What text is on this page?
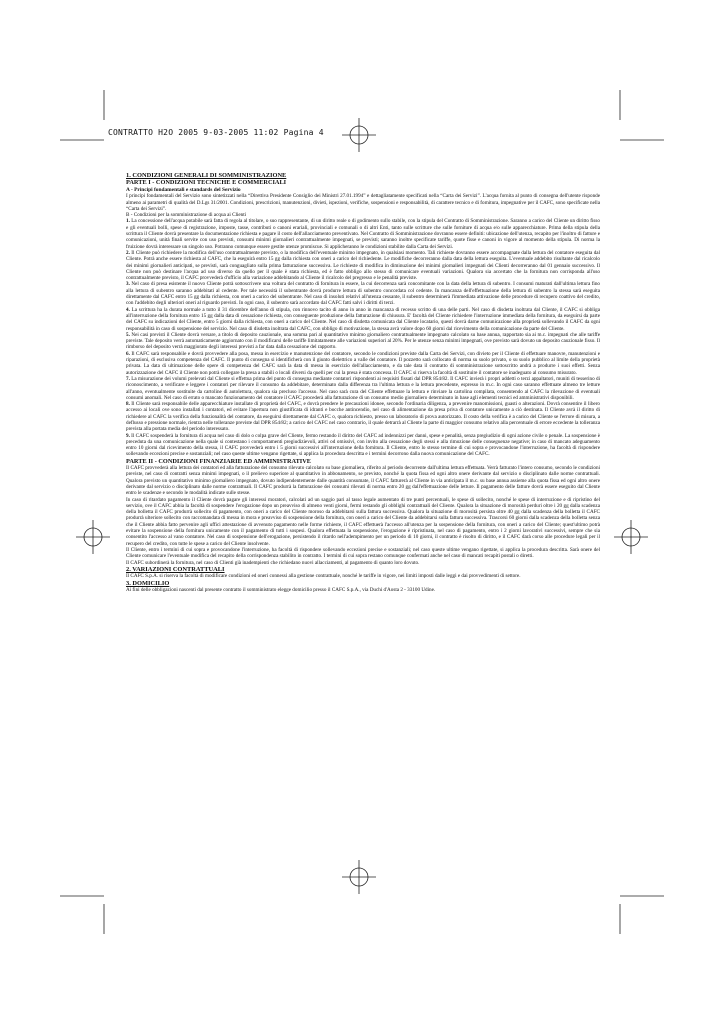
CONTRATTO H2O 2005 9-03-2005 11:02 Pagina 4

1. CONDIZIONI GENERALI DI SOMMINISTRAZIONE

PARTE I - CONDIZIONI TECNICHE E COMMERCIALI

A - Principi fondamentali e standards del Servizio

I principi fondamentali del Servizio sono sintetizzati nella “Direttiva Presidente Consiglio dei Ministri 27.01.1994” e dettagliatamente specificati nella “Carta dei Servizi”. L'acqua fornita al punto di consegna dell'utente risponde almeno ai parametri di qualità del D.Lgs 31/2001. Condizioni, prescrizioni, manutenzioni, divieti, ispezioni, verifiche, sospensioni e responsabilità, di carattere tecnico e di fornitura, impegnative per il CAFC, sono specificate nella “Carta dei Servizi”.

B - Condizioni per la somministrazione di acqua ai Clienti

1. La concessione dell'acqua potabile sarà fatta di regola al titolare, o suo rappresentante, di un diritto reale o di godimento sullo stabile, con la stipula del Contratto di Somministrazione. Saranno a carico del Cliente un diritto fisso e gli eventuali bolli, spese di registrazione, imposte, tasse, contributi o canoni erariali, provinciali e comunali o di altri Enti, tanto sulle scritture che sulle forniture di acqua e/o sulle apparecchiature. Prima della stipula della scrittura il Cliente dovrà presentare la documentazione richiesta e pagare il costo dell'allacciamento preventivato. Nel Contratto di Somministrazione dovranno essere definiti: ubicazione dell'utenza, recapito per l'inoltro di fatture e comunicazioni, unità finali servite con uso previsti, consumi minimi giornalieri contrattualmente impegnati, se previsti; saranno inoltre specificate tariffe, quote fisse e canoni in vigore al momento della stipula. Di norma la fruizione dovrà interessare un singolo uso. Potranno comunque essere gestite utenze promiscue. Si applicheranno le condizioni stabilite dalla Carta dei Servizi.

2. Il Cliente può richiedere la modifica dell'uso contrattualmente previsto, o la modifica dell'eventuale minimo impegnato, in qualsiasi momento. Tali richieste dovranno essere accompagnate dalla lettura del contatore eseguita dal Cliente. Potrà anche essere richiesta al CAFC, che la eseguirà entro 15 gg dalla richiesta con oneri a carico del richiedente. Le modifiche decorreranno dalla data della lettura eseguita. L'eventuale addebito risultante dal ricalcolo dei minimi giornalieri anticipati, se previsti, sarà conguagliato sulla prima fatturazione successiva. Le richieste di modifica in diminuzione dei minimi giornalieri impegnati dei Clienti decorreranno dal 01 gennaio successivo. Il Cliente non può destinare l'acqua ad uso diverso da quello per il quale è stata richiesta, ed è fatto obbligo allo stesso di comunicare eventuali variazioni. Qualora sia accertato che la fornitura non corrisponda all'uso contrattualmente previsto, il CAFC provvederà d'ufficio alla variazione addebitando al Cliente il ricalcolo del pregresso e le penalità previste.

3. Nel caso di presa esistente il nuovo Cliente potrà sottoscrivere una voltura del contratto di fornitura in essere, la cui decorrenza sarà concomitante con la data della lettura di subentro. I consumi maturati dall'ultima lettura fino alla lettura di subentro saranno addebitati al cedente. Per tale necessità il subentrante dovrà produrre lettura di subentro concordata col cedente. In mancanza dell'effettuazione della lettura di subentro la stessa sarà eseguita direttamente dal CAFC entro 15 gg dalla richiesta, con oneri a carico del subentrante. Nel caso di insoluti relativi all'utenza cessante, il subentro determinerà l'immediata attivazione delle procedure di recupero coattivo del credito, con l'addebito degli ulteriori oneri al riguardo previsti. In ogni caso, il subentro sarà accordato dal CAFC fatti salvi i diritti di terzi.

4. La scrittura ha la durata normale a tutto il 31 dicembre dell'anno di stipula, con rinnovo tacito di anno in anno in mancanza di recesso scritto di una delle parti. Nel caso di disdetta inoltrata dal Cliente, il CAFC si obbliga all'interruzione della fornitura entro 15 gg dalla data di cessazione richiesta, con conseguente produzione della fatturazione di chiusura. E' facoltà del Cliente richiedere l'interruzione immediata della fornitura, da eseguirsi da parte del CAFC su indicazioni del Cliente, entro 5 giorni dalla richiesta, con oneri a carico del Cliente. Nel caso di disdetta comunicata dal Cliente locatario, questi dovrà darne comunicazione alla proprietà sollevando il CAFC da ogni responsabilità in caso di sospensione del servizio. Nel caso di disdetta inoltrata dal CAFC, con obbligo di motivazione, la stessa avrà valore dopo 60 giorni dal ricevimento della comunicazione da parte del Cliente.

5. Nei casi previsti il Cliente dovrà versare, a titolo di deposito cauzionale, una somma pari al quantitativo minimo giornaliero contrattualmente impegnato calcolato su base annua, rapportato sia ai m.c. impegnati che alle tariffe previste. Tale deposito verrà automaticamente aggiornato con il modificarsi delle tariffe limitatamente alle variazioni superiori al 20%. Per le utenze senza minimi impegnati, ove previsto sarà dovuto un deposito cauzionale fisso. Il rimborso del deposito verrà maggiorato degli interessi previsti a far data dalla cessazione del rapporto.

6. Il CAFC sarà responsabile e dovrà provvedere alla posa, messa in esercizio e manutenzione del contatore, secondo le condizioni previste dalla Carta dei Servizi, con divieto per il Cliente di effettuare manovre, manutenzioni e riparazioni, di esclusiva competenza del CAFC. Il punto di consegna si identificherà con il giunto dielettrico a valle del contatore. Il pozzetto sarà collocato di norma su suolo privato, o su suolo pubblico al limite della proprietà privata. La data di ultimazione delle opere di competenza del CAFC sarà la data di messa in esercizio dell'allacciamento, e da tale data il contratto di somministrazione sottoscritto andrà a produrre i suoi effetti. Senza autorizzazione del CAFC il Cliente non potrà collegare la presa a stabili o locali diversi da quelli per cui la presa è stata concessa. Il CAFC si riserva la facoltà di sostituire il contatore se inadeguato al consumo misurato.

7. La misurazione dei volumi prelevati dal Cliente si effettua prima del punto di consegna mediante contatori rispondenti ai requisiti fissati dal DPR 854/82. Il CAFC invierà i propri addetti o terzi appaltatori, muniti di tesserino di riconoscimento, a verificare e leggere i contatori per rilevare il consumo da addebitare, determinato dalla differenza tra l'ultima lettura e la lettura precedente, espresso in m.c. In ogni caso saranno effettuate almeno tre letture all'anno, eventualmente sostituite da cartoline di autolettura, qualora sia precluso l'accesso. Nel caso sarà cura del Cliente effettuare la lettura e rinviare la cartolina compilata, consentendo al CAFC la rilevazione di eventuali consumi anomali. Nel caso di errato o mancato funzionamento del contatore il CAFC procederà alla fatturazione di un consumo medio giornaliero determinato in base agli elementi tecnici ed amministrativi disponibili.

8. Il Cliente sarà responsabile delle apparecchiature installate di proprietà del CAFC, e dovrà prendere le precauzioni idonee, secondo l'ordinaria diligenza, a prevenire manomissioni, guasti o alterazioni. Dovrà consentire il libero accesso ai locali ove sono installati i contatori, ed evitare l'apertura non giustificata di idranti e bocche antincendio, nel caso di alimentazione da presa priva di contatore unicamente a ciò destinata. Il Cliente avrà il diritto di richiedere al CAFC la verifica della funzionalità del contatore, da eseguirsi direttamente dal CAFC o, qualora richiesto, presso un laboratorio di prova autorizzato. Il costo della verifica è a carico del Cliente se l'errore di misura, a deflusso e pressione normale, rientra nelle tolleranze previste dal DPR 854/82; a carico del CAFC nel caso contrario, il quale detrarrà al Cliente la parte di maggior consumo relativo alla percentuale di errore eccedente la tolleranza prevista alla portata media del periodo interessato.

9. Il CAFC sospenderà la fornitura di acqua nel caso di dolo o colpa grave del Cliente, fermo restando il diritto del CAFC ad indennizzi per danni, spese e penalità, senza pregiudizio di ogni azione civile o penale. La sospensione è preceduta da una comunicazione nella quale si contestano i comportamenti pregiudizievoli, attivi od omissivi, con invito alla cessazione degli stessi e alla rimozione delle conseguenze negative; in caso di mancato adeguamento entro 10 giorni dal ricevimento della stessa, il CAFC provvederà entro i 5 giorni successivi all'interruzione della fornitura. Il Cliente, entro lo stesso termine di cui sopra e provocandone l'interruzione, ha facoltà di rispondere sollevando eccezioni precise e sostanziali; nel caso queste ultime vengano rigettate, si applica la procedura descritta e i termini decorrono dalla nuova comunicazione del CAFC.

PARTE II - CONDIZIONI FINANZIARIE ED AMMINISTRATIVE

Il CAFC provvederà alla lettura dei contatori ed alla fatturazione del consumo rilevato calcolato su base giornaliera, riferito al periodo decorrente dall'ultima lettura effettuata. Verrà fatturato l'intero consumo, secondo le condizioni previste, nel caso di contratti senza minimi impegnati, o il prelievo superiore al quantitativo in abbonamento, se previsto, nonché la quota fissa ed ogni altro onere derivante dal servizio o disciplinato dalle norme contrattuali. Qualora previsto un quantitativo minimo giornaliero impegnato, dovuto indipendentemente dalle quantità consumate, il CAFC fatturerà al Cliente in via anticipata il m.c. su base annua assieme alla quota fissa ed ogni altro onere derivante dal servizio o disciplinato dalle norme contrattuali. Il CAFC produrrà la fatturazione dei consumi rilevati di norma entro 20 gg dall'effettuazione delle letture. Il pagamento delle fatture dovrà essere eseguito dal Cliente entro le scadenze e secondo le modalità indicate sulle stesse.

In caso di ritardato pagamento il Cliente dovrà pagare gli interessi moratori, calcolati ad un saggio pari al tasso legale aumentato di tre punti percentuali, le spese di sollecito, nonché le spese di interruzione e di ripristino del servizio, ove il CAFC abbia la facoltà di sospendere l'erogazione dopo un preavviso di almeno venti giorni, fermi restando gli obblighi contrattuali del Cliente. Qualora la situazione di morosità perduri oltre i 20 gg dalla scadenza della bolletta il CAFC produrrà sollecito di pagamento, con oneri a carico del Cliente moroso da addebitarsi sulla fattura successiva. Qualora la situazione di morosità persista oltre 40 gg dalla scadenza della bolletta il CAFC produrrà ulteriore sollecito con raccomandata di messa in mora e preavviso di sospensione della fornitura, con oneri a carico del Cliente da addebitarsi sulla fattura successiva. Trascorsi 60 giorni dalla scadenza della bolletta senza che il Cliente abbia fatto pervenire agli uffici attestazione di avvenuto pagamento nelle forme richieste, il CAFC effettuerà l'accesso all'utenza per la sospensione della fornitura, con oneri a carico del Cliente; quest'ultimo potrà evitare la sospensione della fornitura unicamente con il pagamento di tutti i sospesi. Qualora effettuata la sospensione, l'erogazione è ripristinata, nel caso di pagamento, entro i 2 giorni lavorativi successivi, sempre che sia consentito l'accesso al vano contatore. Nel caso di sospensione dell'erogazione, persistendo il ritardo nell'adempimento per un periodo di 10 giorni, il contratto è risolto di diritto, e il CAFC darà corso alle procedure legali per il recupero del credito, con tutte le spese a carico del Cliente insolvente.

Il Cliente, entro i termini di cui sopra e provocandone l'interruzione, ha facoltà di rispondere sollevando eccezioni precise e sostanziali; nel caso queste ultime vengano rigettate, si applica la procedura descritta. Sarà onere del Cliente comunicare l'eventuale modifica del recapito della corrispondenza stabilito in contratto. I termini di cui sopra restano comunque confermati anche nel caso di mancati recapiti postali o diretti.

Il CAFC subordinerà la fornitura, nel caso di Clienti già inadempienti che richiedano nuovi allacciamenti, al pagamento di quanto loro dovuto.

2. VARIAZIONI CONTRATTUALI

Il CAFC S.p.A. si riserva la facoltà di modificare condizioni ed oneri connessi alla gestione contrattuale, nonché le tariffe in vigore, nei limiti imposti dalle leggi e dai provvedimenti di settore.

3. DOMICILIO

Ai fini delle obbligazioni nascenti dal presente contratto il somministrato elegge domicilio presso il CAFC S.p.A., via Duchi d'Aosta 2 - 33100 Udine.
